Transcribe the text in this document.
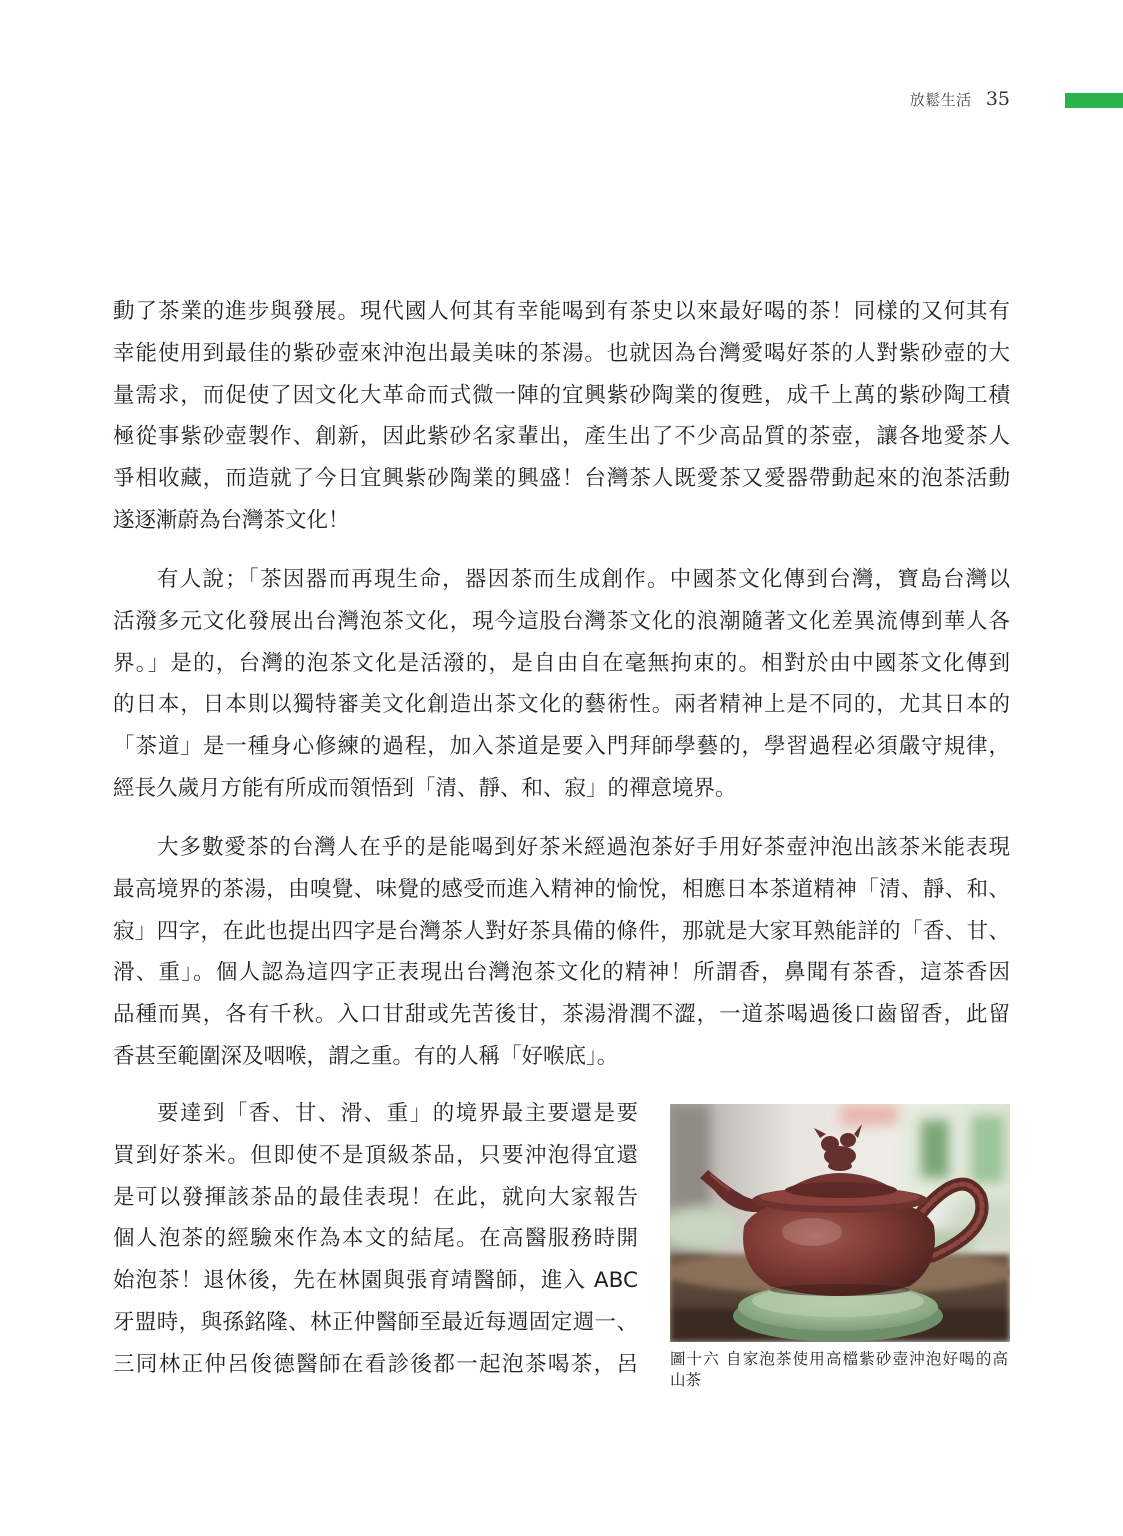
放鬆生活 35
動了茶業的進步與發展。現代國人何其有幸能喝到有茶史以來最好喝的茶！同樣的又何其有
幸能使用到最佳的紫砂壺來沖泡出最美味的茶湯。也就因為台灣愛喝好茶的人對紫砂壺的大
量需求，而促使了因文化大革命而式微一陣的宜興紫砂陶業的復甦，成千上萬的紫砂陶工積
極從事紫砂壺製作、創新，因此紫砂名家輩出，產生出了不少高品質的茶壺，讓各地愛茶人
爭相收藏，而造就了今日宜興紫砂陶業的興盛！台灣茶人既愛茶又愛器帶動起來的泡茶活動
遂逐漸蔚為台灣茶文化！
有人說；「茶因器而再現生命，器因茶而生成創作。中國茶文化傳到台灣，寶島台灣以
活潑多元文化發展出台灣泡茶文化，現今這股台灣茶文化的浪潮隨著文化差異流傳到華人各
界。」是的，台灣的泡茶文化是活潑的，是自由自在毫無拘束的。相對於由中國茶文化傳到
的日本，日本則以獨特審美文化創造出茶文化的藝術性。兩者精神上是不同的，尤其日本的
「茶道」是一種身心修練的過程，加入茶道是要入門拜師學藝的，學習過程必須嚴守規律，
經長久歲月方能有所成而領悟到「清、靜、和、寂」的禪意境界。
大多數愛茶的台灣人在乎的是能喝到好茶米經過泡茶好手用好茶壺沖泡出該茶米能表現
最高境界的茶湯，由嗅覺、味覺的感受而進入精神的愉悅，相應日本茶道精神「清、靜、和、
寂」四字，在此也提出四字是台灣茶人對好茶具備的條件，那就是大家耳熟能詳的「香、甘、
滑、重」。個人認為這四字正表現出台灣泡茶文化的精神！所謂香，鼻聞有茶香，這茶香因
品種而異，各有千秋。入口甘甜或先苦後甘，茶湯滑潤不澀，一道茶喝過後口齒留香，此留
香甚至範圍深及咽喉，謂之重。有的人稱「好喉底」。
要達到「香、甘、滑、重」的境界最主要還是要
買到好茶米。但即使不是頂級茶品，只要沖泡得宜還
是可以發揮該茶品的最佳表現！在此，就向大家報告
個人泡茶的經驗來作為本文的結尾。在高醫服務時開
始泡茶！退休後，先在林園與張育靖醫師，進入 ABC
牙盟時，與孫銘隆、林正仲醫師至最近每週固定週一、
三同林正仲呂俊德醫師在看診後都一起泡茶喝茶，呂 圖十六 自家泡茶使用高檔紫砂壺沖泡好喝的高
山茶
